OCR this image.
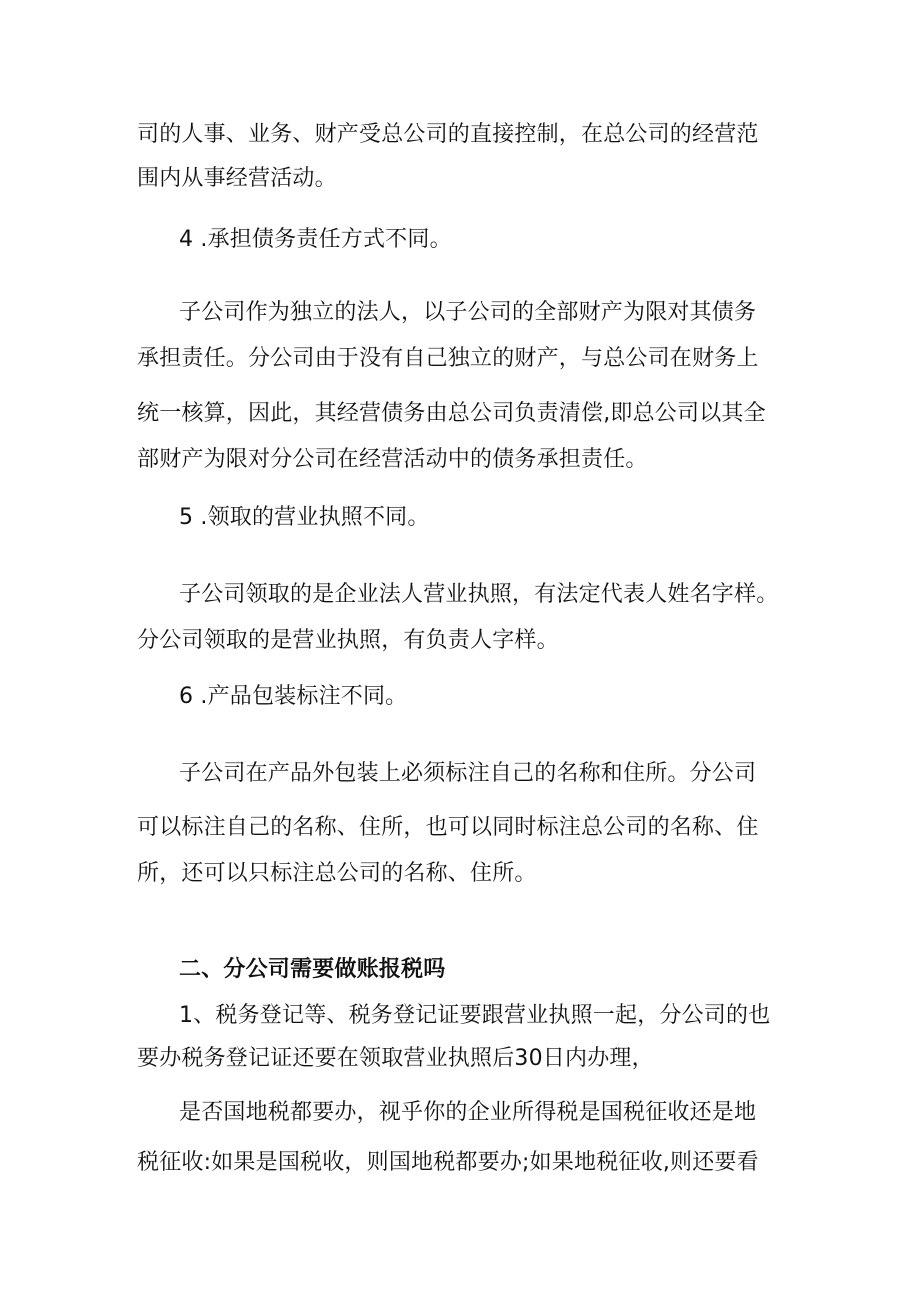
司的人事、业务、财产受总公司的直接控制，在总公司的经营范
围内从事经营活动。
4 .承担债务责任方式不同。
子公司作为独立的法人，以子公司的全部财产为限对其债务
承担责任。分公司由于没有自己独立的财产，与总公司在财务上
统一核算，因此，其经营债务由总公司负责清偿,即总公司以其全
部财产为限对分公司在经营活动中的债务承担责任。
5 .领取的营业执照不同。
子公司领取的是企业法人营业执照，有法定代表人姓名字样。
分公司领取的是营业执照，有负责人字样。
6 .产品包装标注不同。
子公司在产品外包装上必须标注自己的名称和住所。分公司
可以标注自己的名称、住所，也可以同时标注总公司的名称、住
所，还可以只标注总公司的名称、住所。
二、分公司需要做账报税吗
1、税务登记等、税务登记证要跟营业执照一起，分公司的也
要办税务登记证还要在领取营业执照后30日内办理，
是否国地税都要办，视乎你的企业所得税是国税征收还是地
税征收:如果是国税收，则国地税都要办;如果地税征收,则还要看
